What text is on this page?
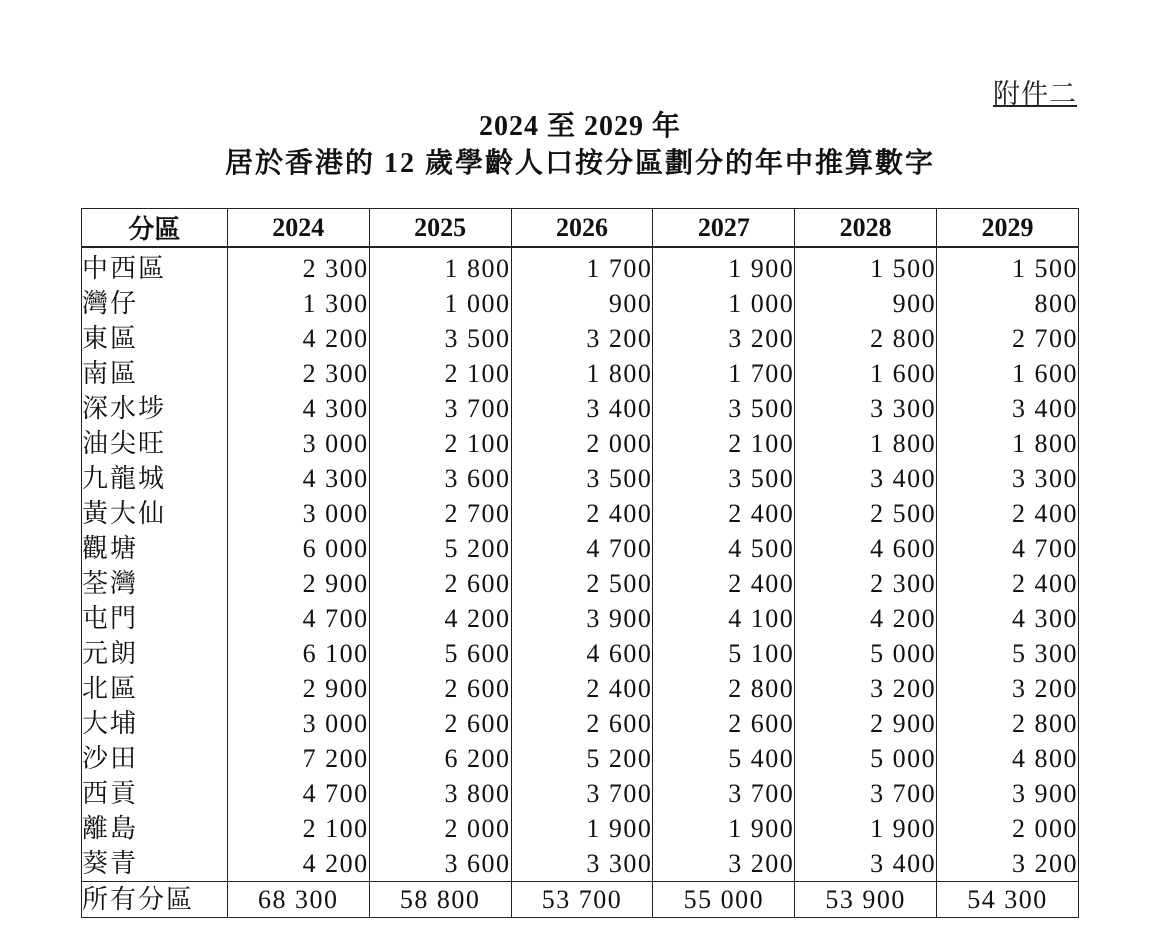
附件二
2024 至 2029 年
居於香港的 12 歲學齡人口按分區劃分的年中推算數字
分區	2024	2025	2026	2027	2028	2029
中西區	2 300	1 800	1 700	1 900	1 500	1 500
灣仔	1 300	1 000	900	1 000	900	800
東區	4 200	3 500	3 200	3 200	2 800	2 700
南區	2 300	2 100	1 800	1 700	1 600	1 600
深水埗	4 300	3 700	3 400	3 500	3 300	3 400
油尖旺	3 000	2 100	2 000	2 100	1 800	1 800
九龍城	4 300	3 600	3 500	3 500	3 400	3 300
黃大仙	3 000	2 700	2 400	2 400	2 500	2 400
觀塘	6 000	5 200	4 700	4 500	4 600	4 700
荃灣	2 900	2 600	2 500	2 400	2 300	2 400
屯門	4 700	4 200	3 900	4 100	4 200	4 300
元朗	6 100	5 600	4 600	5 100	5 000	5 300
北區	2 900	2 600	2 400	2 800	3 200	3 200
大埔	3 000	2 600	2 600	2 600	2 900	2 800
沙田	7 200	6 200	5 200	5 400	5 000	4 800
西貢	4 700	3 800	3 700	3 700	3 700	3 900
離島	2 100	2 000	1 900	1 900	1 900	2 000
葵青	4 200	3 600	3 300	3 200	3 400	3 200
所有分區	68 300	58 800	53 700	55 000	53 900	54 300
